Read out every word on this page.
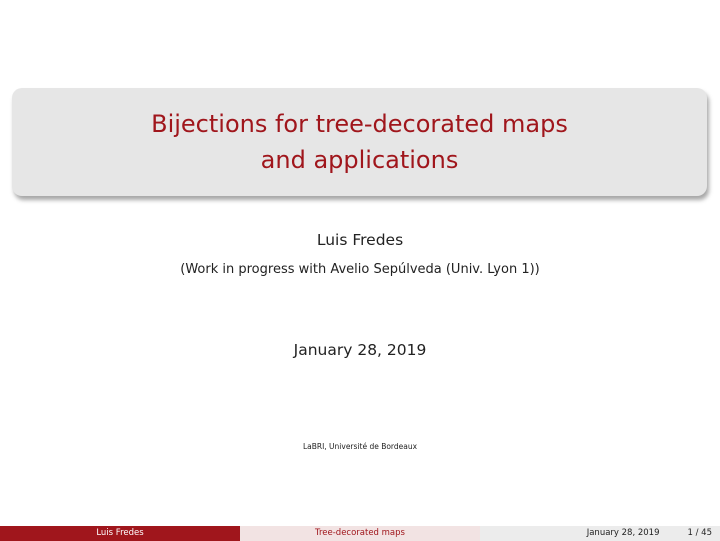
Bijections for tree-decorated maps
and applications
Luis Fredes
(Work in progress with Avelio Sepúlveda (Univ. Lyon 1))
January 28, 2019
LaBRI, Université de Bordeaux
Luis Fredes	Tree-decorated maps	January 28, 2019	1 / 45
